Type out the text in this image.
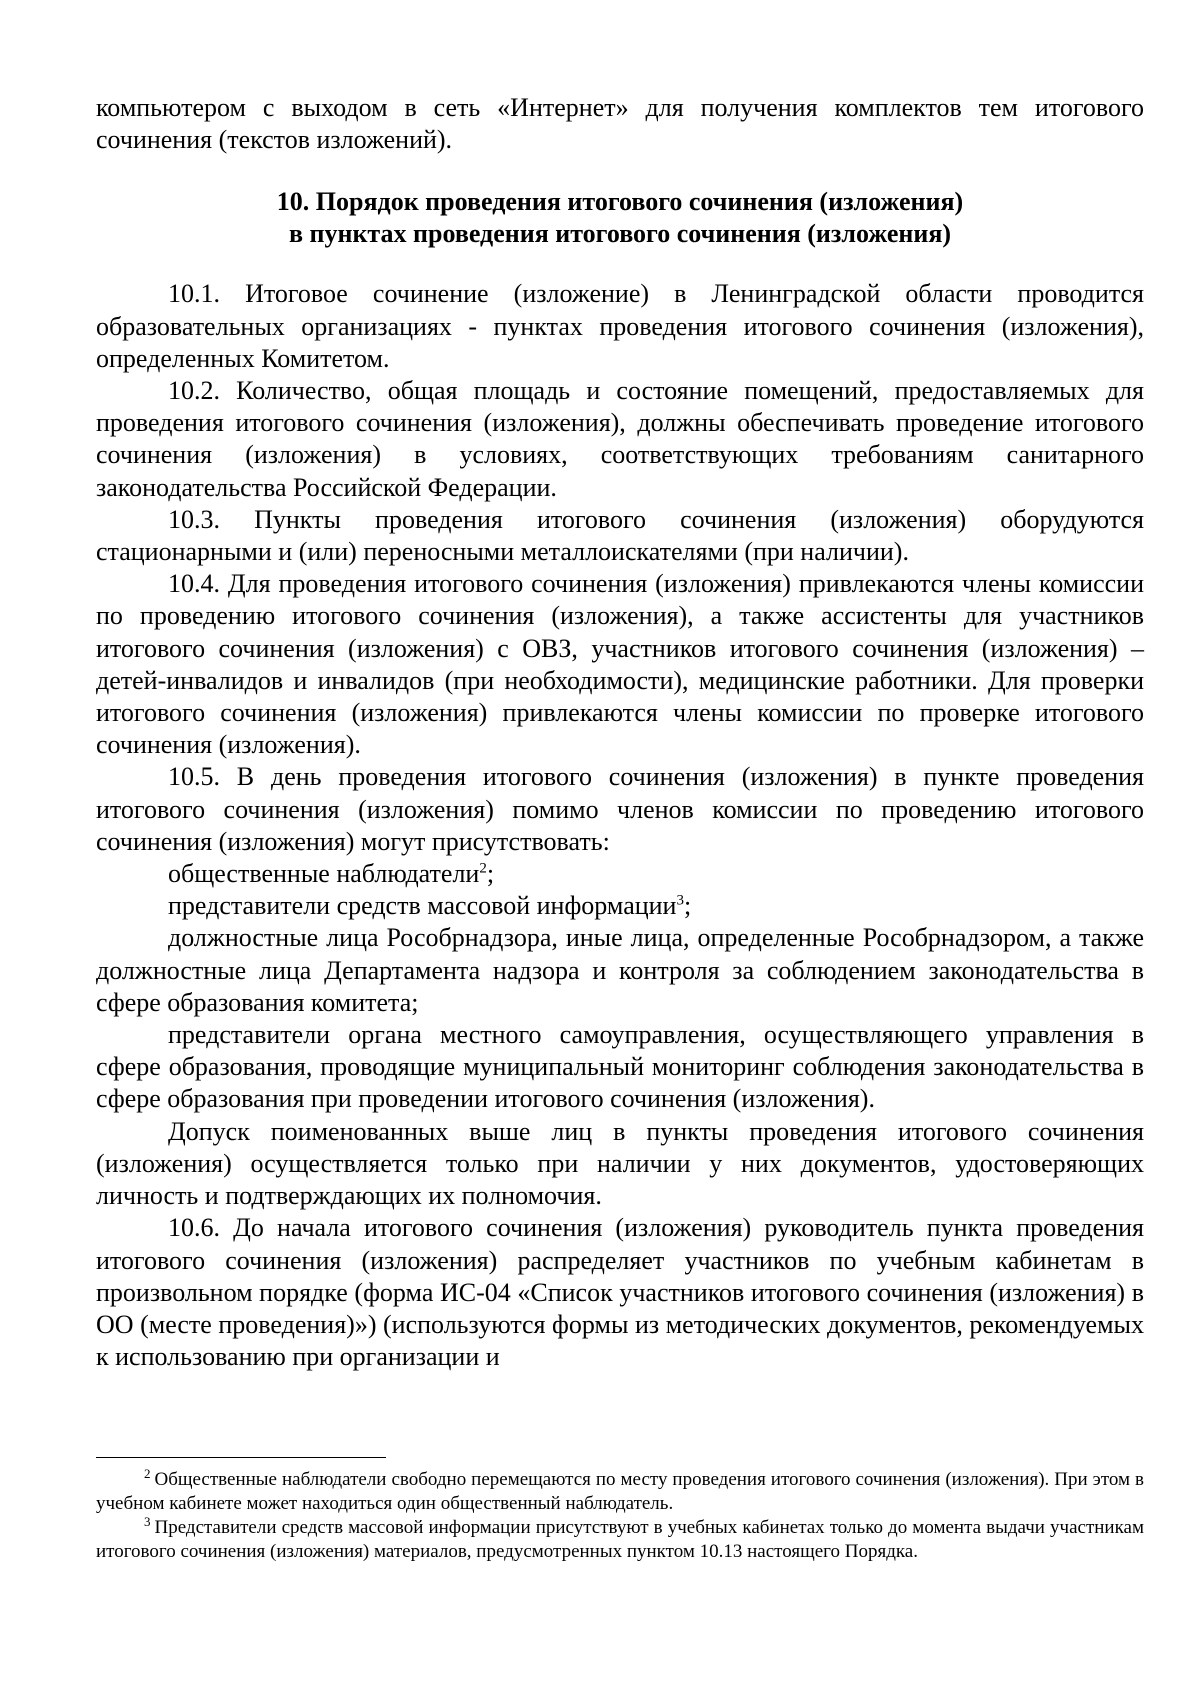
компьютером с выходом в сеть «Интернет» для получения комплектов тем итогового сочинения (текстов изложений).

10. Порядок проведения итогового сочинения (изложения)
в пунктах проведения итогового сочинения (изложения)

10.1. Итоговое сочинение (изложение) в Ленинградской области проводится образовательных организациях - пунктах проведения итогового сочинения (изложения), определенных Комитетом.

10.2. Количество, общая площадь и состояние помещений, предоставляемых для проведения итогового сочинения (изложения), должны обеспечивать проведение итогового сочинения (изложения) в условиях, соответствующих требованиям санитарного законодательства Российской Федерации.

10.3. Пункты проведения итогового сочинения (изложения) оборудуются стационарными и (или) переносными металлоискателями (при наличии).

10.4. Для проведения итогового сочинения (изложения) привлекаются члены комиссии по проведению итогового сочинения (изложения), а также ассистенты для участников итогового сочинения (изложения) с ОВЗ, участников итогового сочинения (изложения) – детей-инвалидов и инвалидов (при необходимости), медицинские работники. Для проверки итогового сочинения (изложения) привлекаются члены комиссии по проверке итогового сочинения (изложения).

10.5. В день проведения итогового сочинения (изложения) в пункте проведения итогового сочинения (изложения) помимо членов комиссии по проведению итогового сочинения (изложения) могут присутствовать:

общественные наблюдатели$^2$;

представители средств массовой информации$^3$;

должностные лица Рособрнадзора, иные лица, определенные Рособрнадзором, а также должностные лица Департамента надзора и контроля за соблюдением законодательства в сфере образования комитета;

представители органа местного самоуправления, осуществляющего управления в сфере образования, проводящие муниципальный мониторинг соблюдения законодательства в сфере образования при проведении итогового сочинения (изложения).

Допуск поименованных выше лиц в пункты проведения итогового сочинения (изложения) осуществляется только при наличии у них документов, удостоверяющих личность и подтверждающих их полномочия.

10.6. До начала итогового сочинения (изложения) руководитель пункта проведения итогового сочинения (изложения) распределяет участников по учебным кабинетам в произвольном порядке (форма ИС-04 «Список участников итогового сочинения (изложения) в ОО (месте проведения)») (используются формы из методических документов, рекомендуемых к использованию при организации и

$^2$ Общественные наблюдатели свободно перемещаются по месту проведения итогового сочинения (изложения). При этом в учебном кабинете может находиться один общественный наблюдатель.

$^3$ Представители средств массовой информации присутствуют в учебных кабинетах только до момента выдачи участникам итогового сочинения (изложения) материалов, предусмотренных пунктом 10.13 настоящего Порядка.
